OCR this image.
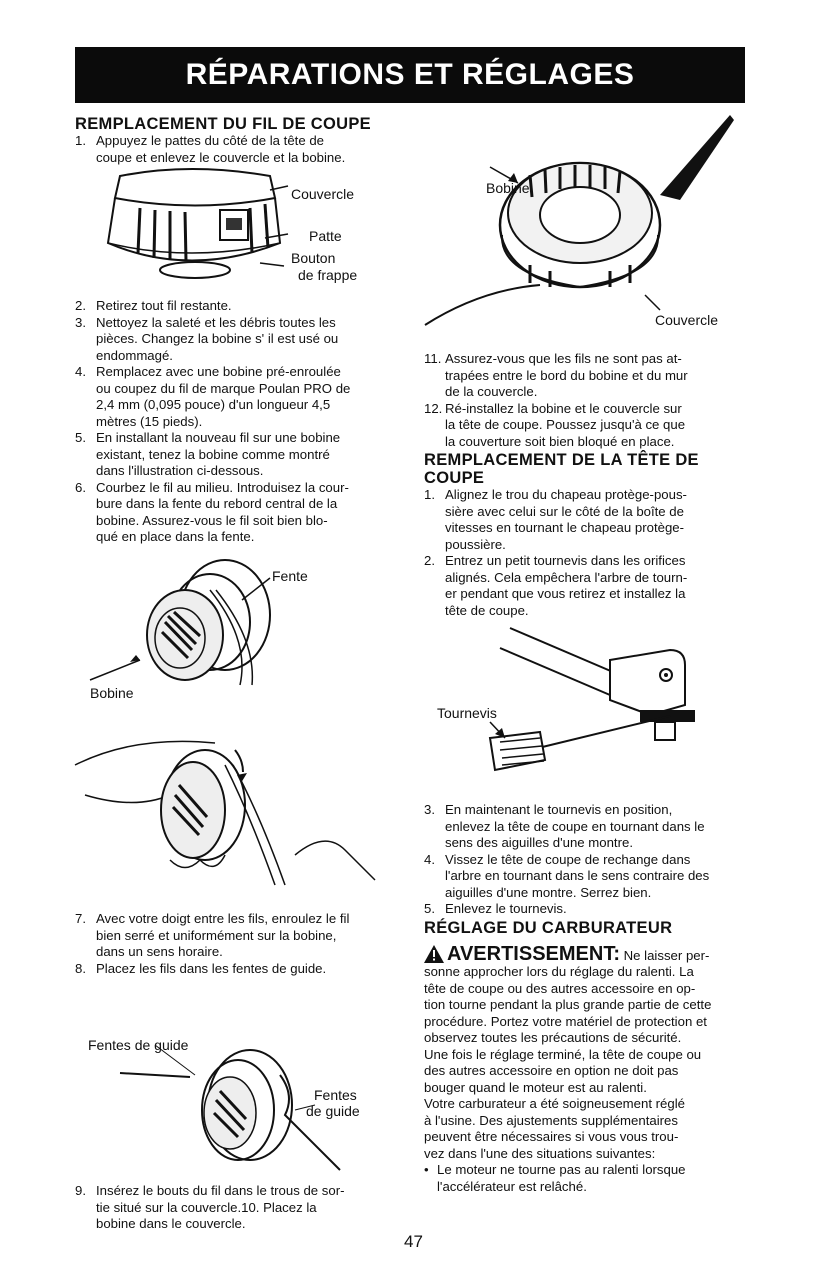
RÉPARATIONS ET RÉGLAGES
REMPLACEMENT DU FIL DE COUPE
1. Appuyez le pattes du côté de la tête de
coupe et enlevez le couvercle et la bobine.
Couvercle
Patte
Bouton
de frappe
2. Retirez tout fil restante.
3. Nettoyez la saleté et les débris toutes les
pièces. Changez la bobine s' il est usé ou
endommagé.
4. Remplacez avec une bobine pré-enroulée
ou coupez du fil de marque Poulan PRO de
2,4 mm (0,095 pouce) d'un longueur 4,5
mètres (15 pieds).
5. En installant la nouveau fil sur une bobine
existant, tenez la bobine comme montré
dans l'illustration ci-dessous.
6. Courbez le fil au milieu. Introduisez la cour-
bure dans la fente du rebord central de la
bobine. Assurez-vous le fil soit bien blo-
qué en place dans la fente.
Fente
Bobine
7. Avec votre doigt entre les fils, enroulez le fil
bien serré et uniformément sur la bobine,
dans un sens horaire.
8. Placez les fils dans les fentes de guide.
Fentes de guide
Fentes
de guide
9. Insérez le bouts du fil dans le trous de sor-
tie situé sur la couvercle.10. Placez la
bobine dans le couvercle.
Bobine
Couvercle
11. Assurez-vous que les fils ne sont pas at-
trapées entre le bord du bobine et du mur
de la couvercle.
12. Ré-installez la bobine et le couvercle sur
la tête de coupe. Poussez jusqu'à ce que
la couverture soit bien bloqué en place.
REMPLACEMENT DE LA TÊTE DE
COUPE
1. Alignez le trou du chapeau protège-pous-
sière avec celui sur le côté de la boîte de
vitesses en tournant le chapeau protège-
poussière.
2. Entrez un petit tournevis dans les orifices
alignés. Cela empêchera l'arbre de tourn-
er pendant que vous retirez et installez la
tête de coupe.
Tournevis
3. En maintenant le tournevis en position,
enlevez la tête de coupe en tournant dans le
sens des aiguilles d'une montre.
4. Vissez le tête de coupe de rechange dans
l'arbre en tournant dans le sens contraire des
aiguilles d'une montre. Serrez bien.
5. Enlevez le tournevis.
RÉGLAGE DU CARBURATEUR
AVERTISSEMENT: Ne laisser per-
sonne approcher lors du réglage du ralenti. La
tête de coupe ou des autres accessoire en op-
tion tourne pendant la plus grande partie de cette
procédure. Portez votre matériel de protection et
observez toutes les précautions de sécurité.
Une fois le réglage terminé, la tête de coupe ou
des autres accessoire en option ne doit pas
bouger quand le moteur est au ralenti.
Votre carburateur a été soigneusement réglé
à l'usine. Des ajustements supplémentaires
peuvent être nécessaires si vous vous trou-
vez dans l'une des situations suivantes:
• Le moteur ne tourne pas au ralenti lorsque
l'accélérateur est relâché.
47
